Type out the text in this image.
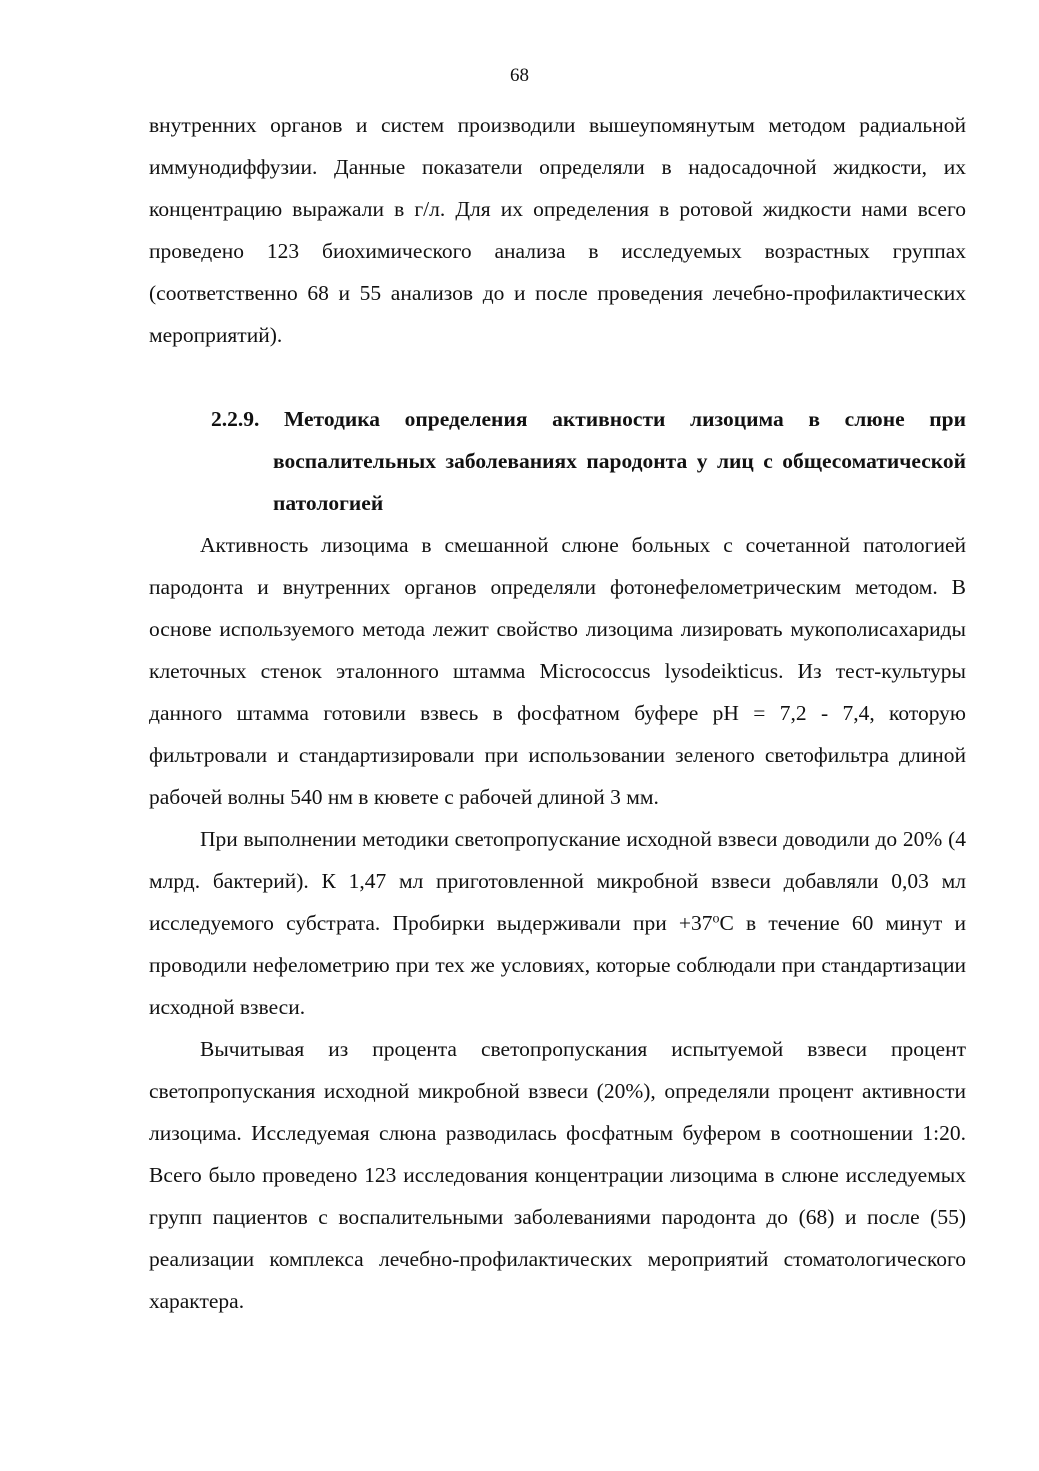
68

внутренних органов и систем производили вышеупомянутым методом радиальной иммунодиффузии. Данные показатели определяли в надосадочной жидкости, их концентрацию выражали в г/л. Для их определения в ротовой жидкости нами всего проведено 123 биохимического анализа в исследуемых возрастных группах (соответственно 68 и 55 анализов до и после проведения лечебно-профилактических мероприятий).

2.2.9. Методика определения активности лизоцима в слюне при воспалительных заболеваниях пародонта у лиц с общесоматической патологией

Активность лизоцима в смешанной слюне больных с сочетанной патологией пародонта и внутренних органов определяли фотонефелометрическим методом. В основе используемого метода лежит свойство лизоцима лизировать мукополисахариды клеточных стенок эталонного штамма Micrococcus lysodeikticus. Из тест-культуры данного штамма готовили взвесь в фосфатном буфере pH = 7,2 - 7,4, которую фильтровали и стандартизировали при использовании зеленого светофильтра длиной рабочей волны 540 нм в кювете с рабочей длиной 3 мм.

При выполнении методики светопропускание исходной взвеси доводили до 20% (4 млрд. бактерий). К 1,47 мл приготовленной микробной взвеси добавляли 0,03 мл исследуемого субстрата. Пробирки выдерживали при $+37^оС$ в течение 60 минут и проводили нефелометрию при тех же условиях, которые соблюдали при стандартизации исходной взвеси.

Вычитывая из процента светопропускания испытуемой взвеси процент светопропускания исходной микробной взвеси (20%), определяли процент активности лизоцима. Исследуемая слюна разводилась фосфатным буфером в соотношении 1:20. Всего было проведено 123 исследования концентрации лизоцима в слюне исследуемых групп пациентов с воспалительными заболеваниями пародонта до (68) и после (55) реализации комплекса лечебно-профилактических мероприятий стоматологического характера.
